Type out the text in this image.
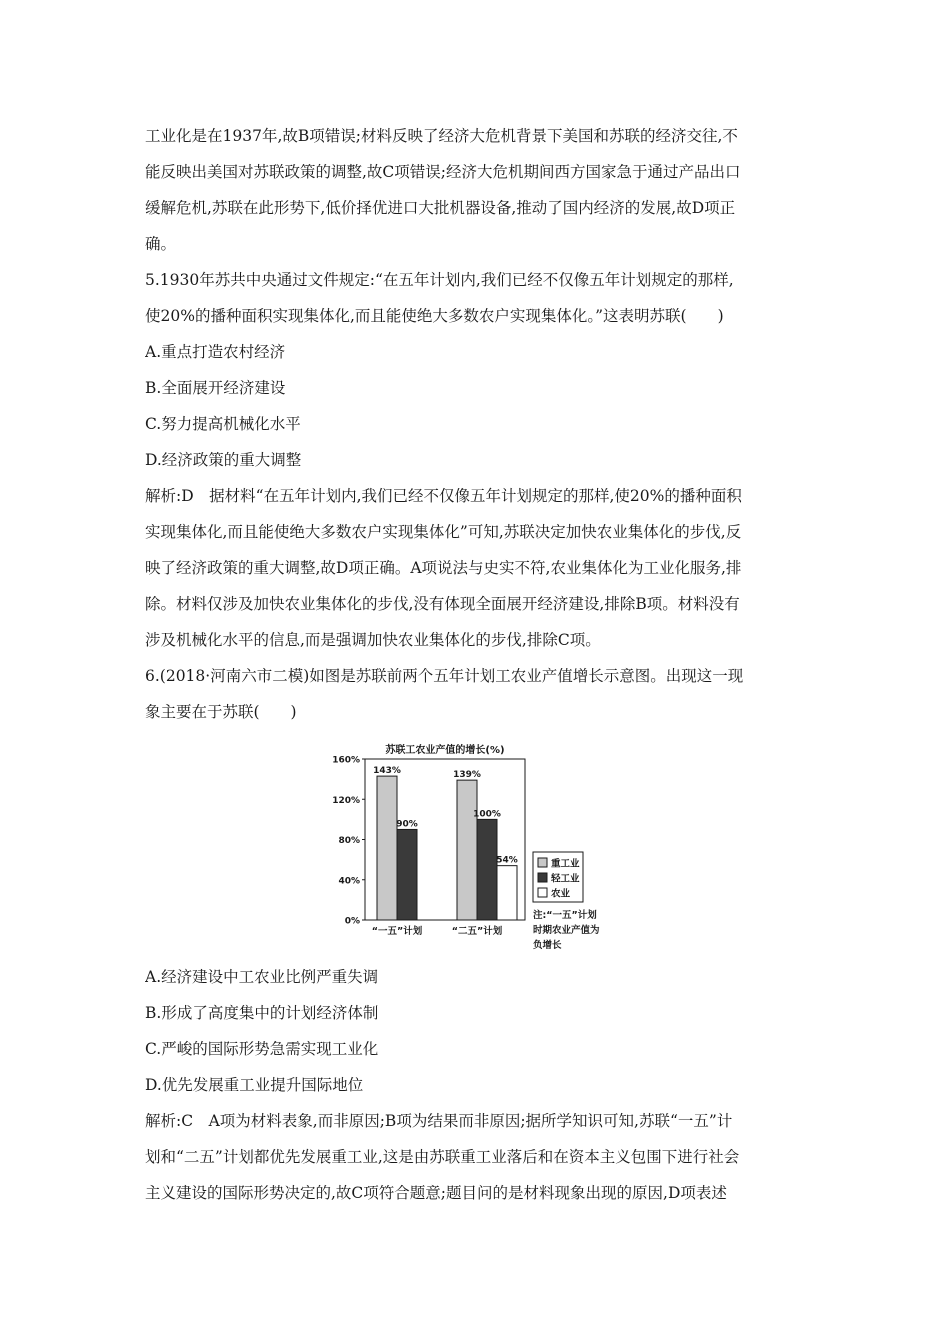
工业化是在1937年,故B项错误;材料反映了经济大危机背景下美国和苏联的经济交往,不
能反映出美国对苏联政策的调整,故C项错误;经济大危机期间西方国家急于通过产品出口
缓解危机,苏联在此形势下,低价择优进口大批机器设备,推动了国内经济的发展,故D项正
确。
5.1930年苏共中央通过文件规定:“在五年计划内,我们已经不仅像五年计划规定的那样,
使20%的播种面积实现集体化,而且能使绝大多数农户实现集体化。”这表明苏联(　　)
A.重点打造农村经济
B.全面展开经济建设
C.努力提高机械化水平
D.经济政策的重大调整
解析:D　据材料“在五年计划内,我们已经不仅像五年计划规定的那样,使20%的播种面积
实现集体化,而且能使绝大多数农户实现集体化”可知,苏联决定加快农业集体化的步伐,反
映了经济政策的重大调整,故D项正确。A项说法与史实不符,农业集体化为工业化服务,排
除。材料仅涉及加快农业集体化的步伐,没有体现全面展开经济建设,排除B项。材料没有
涉及机械化水平的信息,而是强调加快农业集体化的步伐,排除C项。
6.(2018·河南六市二模)如图是苏联前两个五年计划工农业产值增长示意图。出现这一现
象主要在于苏联(　　)
苏联工农业产值的增长(%)
0%
40%
80%
120%
160%
143%
90%
“一五”计划
139%
100%
54%
“二五”计划
重工业
轻工业
农业
注:“一五”计划
时期农业产值为
负增长
A.经济建设中工农业比例严重失调
B.形成了高度集中的计划经济体制
C.严峻的国际形势急需实现工业化
D.优先发展重工业提升国际地位
解析:C　A项为材料表象,而非原因;B项为结果而非原因;据所学知识可知,苏联“一五”计
划和“二五”计划都优先发展重工业,这是由苏联重工业落后和在资本主义包围下进行社会
主义建设的国际形势决定的,故C项符合题意;题目问的是材料现象出现的原因,D项表述
